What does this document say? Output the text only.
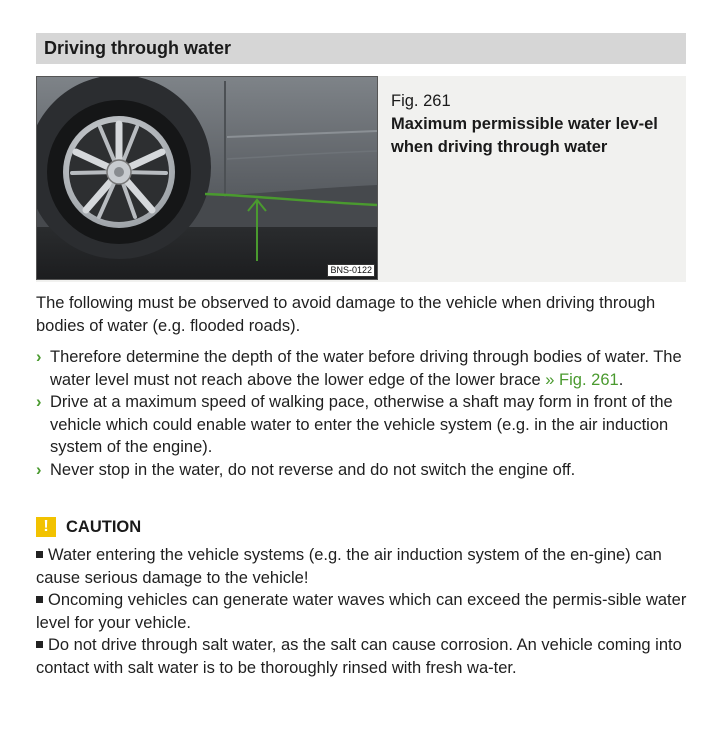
Driving through water
BNS-0122
Fig. 261
Maximum permissible water lev-el when driving through water

The following must be observed to avoid damage to the vehicle when driving through bodies of water (e.g. flooded roads).

› Therefore determine the depth of the water before driving through bodies of water. The water level must not reach above the lower edge of the lower brace » Fig. 261.
› Drive at a maximum speed of walking pace, otherwise a shaft may form in front of the vehicle which could enable water to enter the vehicle system (e.g. in the air induction system of the engine).
› Never stop in the water, do not reverse and do not switch the engine off.
!	CAUTION
Water entering the vehicle systems (e.g. the air induction system of the en-gine) can cause serious damage to the vehicle!
Oncoming vehicles can generate water waves which can exceed the permis-sible water level for your vehicle.
Do not drive through salt water, as the salt can cause corrosion. An vehicle coming into contact with salt water is to be thoroughly rinsed with fresh wa-ter.
